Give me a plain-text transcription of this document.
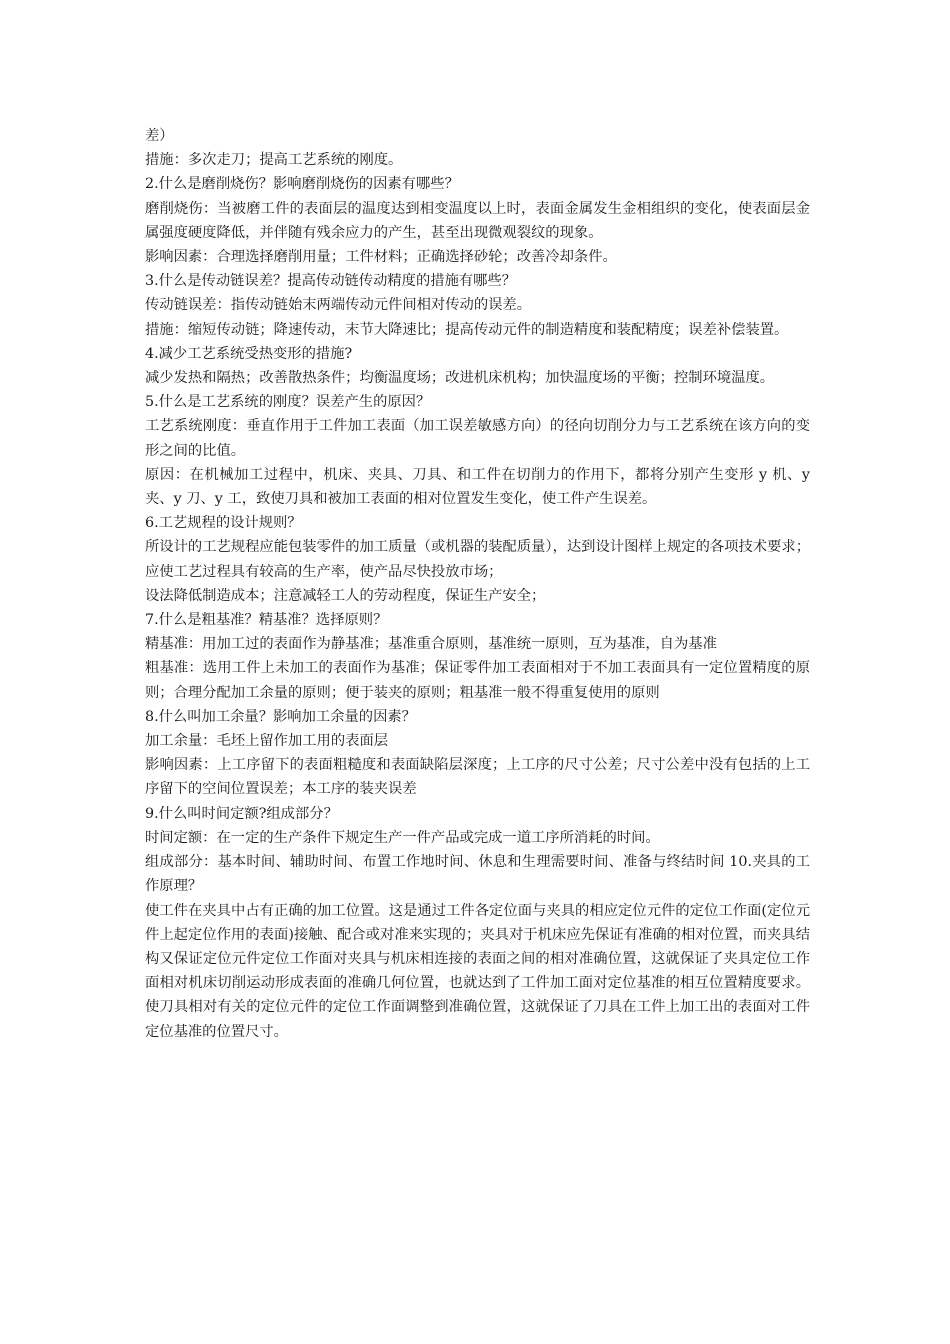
差）

措施：多次走刀；提高工艺系统的刚度。

2.什么是磨削烧伤？影响磨削烧伤的因素有哪些？

磨削烧伤：当被磨工件的表面层的温度达到相变温度以上时，表面金属发生金相组织的变化，使表面层金属强度硬度降低，并伴随有残余应力的产生，甚至出现微观裂纹的现象。

影响因素：合理选择磨削用量；工件材料；正确选择砂轮；改善冷却条件。

3.什么是传动链误差？提高传动链传动精度的措施有哪些？

传动链误差：指传动链始末两端传动元件间相对传动的误差。

措施：缩短传动链；降速传动，末节大降速比；提高传动元件的制造精度和装配精度；误差补偿装置。

4.减少工艺系统受热变形的措施?

减少发热和隔热；改善散热条件；均衡温度场；改进机床机构；加快温度场的平衡；控制环境温度。

5.什么是工艺系统的刚度？误差产生的原因？

工艺系统刚度：垂直作用于工件加工表面（加工误差敏感方向）的径向切削分力与工艺系统在该方向的变形之间的比值。

原因：在机械加工过程中，机床、夹具、刀具、和工件在切削力的作用下，都将分别产生变形 y 机、y 夹、y 刀、y 工，致使刀具和被加工表面的相对位置发生变化，使工件产生误差。

6.工艺规程的设计规则？

所设计的工艺规程应能包装零件的加工质量（或机器的装配质量），达到设计图样上规定的各项技术要求；应使工艺过程具有较高的生产率，使产品尽快投放市场；

设法降低制造成本；注意减轻工人的劳动程度，保证生产安全；

7.什么是粗基准？精基准？选择原则？

精基准：用加工过的表面作为静基准；基准重合原则，基准统一原则，互为基准，自为基准

粗基准：选用工件上未加工的表面作为基准；保证零件加工表面相对于不加工表面具有一定位置精度的原则；合理分配加工余量的原则；便于装夹的原则；粗基准一般不得重复使用的原则

8.什么叫加工余量？影响加工余量的因素？

加工余量：毛坯上留作加工用的表面层

影响因素：上工序留下的表面粗糙度和表面缺陷层深度；上工序的尺寸公差；尺寸公差中没有包括的上工序留下的空间位置误差；本工序的装夹误差

9.什么叫时间定额?组成部分？

时间定额：在一定的生产条件下规定生产一件产品或完成一道工序所消耗的时间。

组成部分：基本时间、辅助时间、布置工作地时间、休息和生理需要时间、准备与终结时间 10.夹具的工作原理？

使工件在夹具中占有正确的加工位置。这是通过工件各定位面与夹具的相应定位元件的定位工作面(定位元件上起定位作用的表面)接触、配合或对准来实现的；夹具对于机床应先保证有准确的相对位置，而夹具结构又保证定位元件定位工作面对夹具与机床相连接的表面之间的相对准确位置，这就保证了夹具定位工作面相对机床切削运动形成表面的准确几何位置，也就达到了工件加工面对定位基准的相互位置精度要求。使刀具相对有关的定位元件的定位工作面调整到准确位置，这就保证了刀具在工件上加工出的表面对工件定位基准的位置尺寸。
